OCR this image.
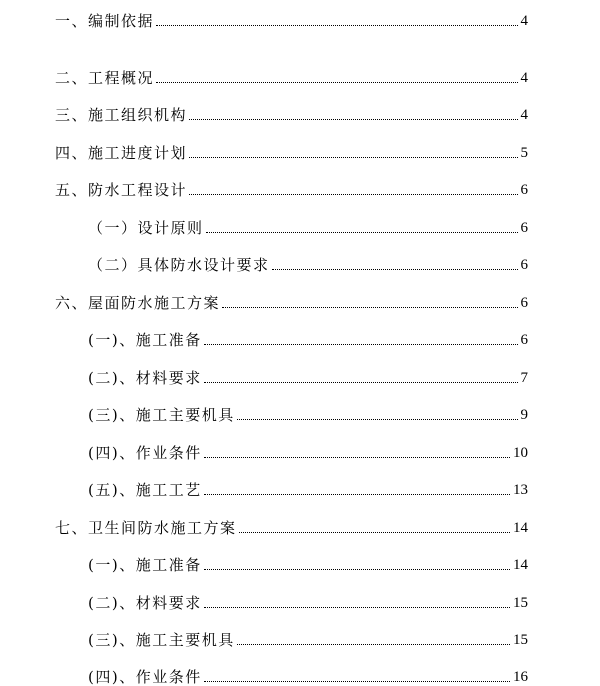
一、编制依据	4
二、工程概况	4
三、施工组织机构	4
四、施工进度计划	5
五、防水工程设计	6
（一）设计原则	6
（二）具体防水设计要求	6
六、屋面防水施工方案	6
(一)、施工准备	6
(二)、材料要求	7
(三)、施工主要机具	9
(四)、作业条件	10
(五)、施工工艺	13
七、卫生间防水施工方案	14
(一)、施工准备	14
(二)、材料要求	15
(三)、施工主要机具	15
(四)、作业条件	16
